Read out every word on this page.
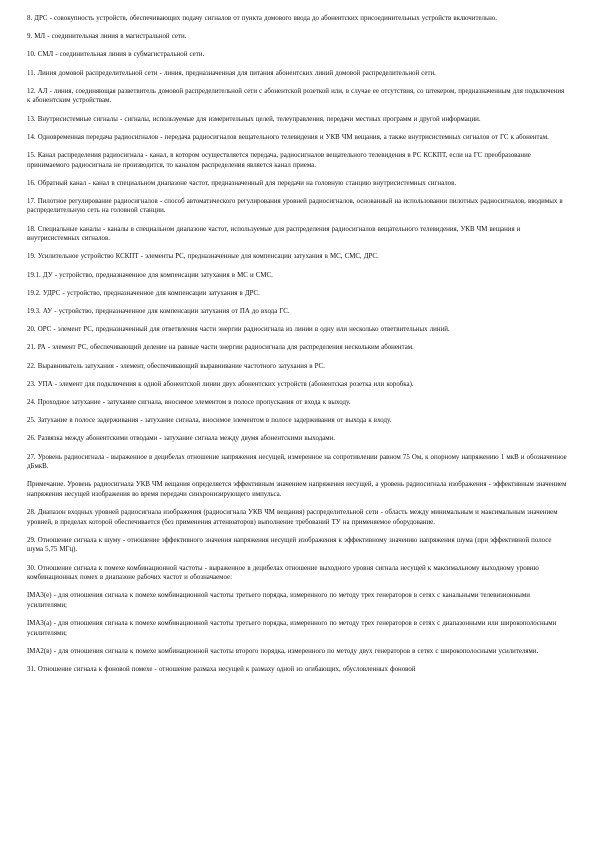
8. ДРС - совокупность устройств, обеспечивающих подачу сигналов от пункта домового ввода до абонентских присоединительных устройств включительно.

9. МЛ - соединительная линия в магистральной сети.

10. СМЛ - соединительная линия в субмагистральной сети.

11. Линия домовой распределительной сети - линия, предназначенная для питания абонентских линий домовой распределительной сети.

12. АЛ - линия, соединяющая разветвитель домовой распределительной сети с абонентской розеткой или, в случае ее отсутствия, со штекером, предназначенным для подключения к абонентским устройствам.

13. Внутрисистемные сигналы - сигналы, используемые для измерительных целей, телеуправления, передачи местных программ и другой информации.

14. Одновременная передача радиосигналов - передача радиосигналов вещательного телевидения и УКВ ЧМ вещания, а также внутрисистемных сигналов от ГС к абонентам.

15. Канал распределения радиосигнала - канал, в котором осуществляется передача, радиосигналов вещательного телевидения в РС КСКПТ, если на ГС преобразование принимаемого радиосигнала не производится, то каналом распределения является канал приема.

16. Обратный канал - канал в специальном диапазоне частот, предназначенный для передачи на головную станцию внутрисистемных сигналов.

17. Пилотное регулирование радиосигналов - способ автоматического регулирования уровней радиосигналов, основанный на использовании пилотных радиосигналов, вводимых в распределительную сеть на головной станции.

18. Специальные каналы - каналы в специальном диапазоне частот, используемые для распределения радиосигналов вещательного телевидения, УКВ ЧМ вещания и внутрисистемных сигналов.

19. Усилительное устройство КСКПТ - элементы РС, предназначенные для компенсации затухания в МС, СМС, ДРС.

19.1. ДУ - устройство, предназначенное для компенсации затухания в МС и СМС.

19.2. УДРС - устройство, предназначенное для компенсации затухания в ДРС.

19.3. АУ - устройство, предназначенное для компенсации затухания от ПА до входа ГС.

20. ОРС - элемент РС, предназначенный для ответвления части энергии радиосигнала из линии в одну или несколько ответвительных линий.

21. РА - элемент РС, обеспечивающий деление на равные части энергии радиосигнала для распределения нескольким абонентам.

22. Выравниватель затухания - элемент, обеспечивающий выравнивание частотного затухания в РС.

23. УПА - элемент для подключения к одной абонентской линии двух абонентских устройств (абонентская розетка или коробка).

24. Проходное затухание - затухание сигнала, вносимое элементом в полосе пропускания от входа к выходу.

25. Затухание в полосе задерживания - затухание сигнала, вносимое элементом в полосе задерживания от выхода к входу.

26. Развязка между абонентскими отводами - затухание сигнала между двумя абонентскими выходами.

27. Уровень радиосигнала - выраженное в децибелах отношение напряжения несущей, измеренное на сопротивлении равном 75 Ом, к опорному напряжению 1 мкВ и обозначенное дБмкВ.

Примечание. Уровень радиосигнала УКВ ЧМ вещания определяется эффективным значением напряжения несущей, а уровень радиосигнала изображения - эффективным значением напряжения несущей изображения во время передачи синхронизирующего импульса.

28. Диапазон входных уровней радиосигнала изображения (радиосигнала УКВ ЧМ вещания) распределительной сети - область между минимальным и максимальным значением уровней, в пределах которой обеспечивается (без применения аттенюаторов) выполнение требований ТУ на применяемое оборудование.

29. Отношение сигнала к шуму - отношение эффективного значения напряжения несущей изображения к эффективному значению напряжения шума (при эффективной полосе шума 5,75 МГц).

30. Отношение сигнала к помехе комбинационной частоты - выраженное в децибелах отношение выходного уровня сигнала несущей к максимальному выходному уровню комбинационных помех в диапазоне рабочих частот и обозначаемое:

IMA3(e) - для отношения сигнала к помехе комбинационной частоты третьего порядка, измеренного по методу трех генераторов в сетях с канальными телевизионными усилителями;

IMA3(a) - для отношения сигнала к помехе комбинационной частоты третьего порядка, измеренного по методу трех генераторов в сетях с диапазонными или широкополосными усилителями;

IMA2(в) - для отношения сигнала к помехе комбинационной частоты второго порядка, измеренного по методу двух генераторов в сетях с широкополосными усилителями.

31. Отношение сигнала к фоновой помехе - отношение размаха несущей к размаху одной из огибающих, обусловленных фоновой
